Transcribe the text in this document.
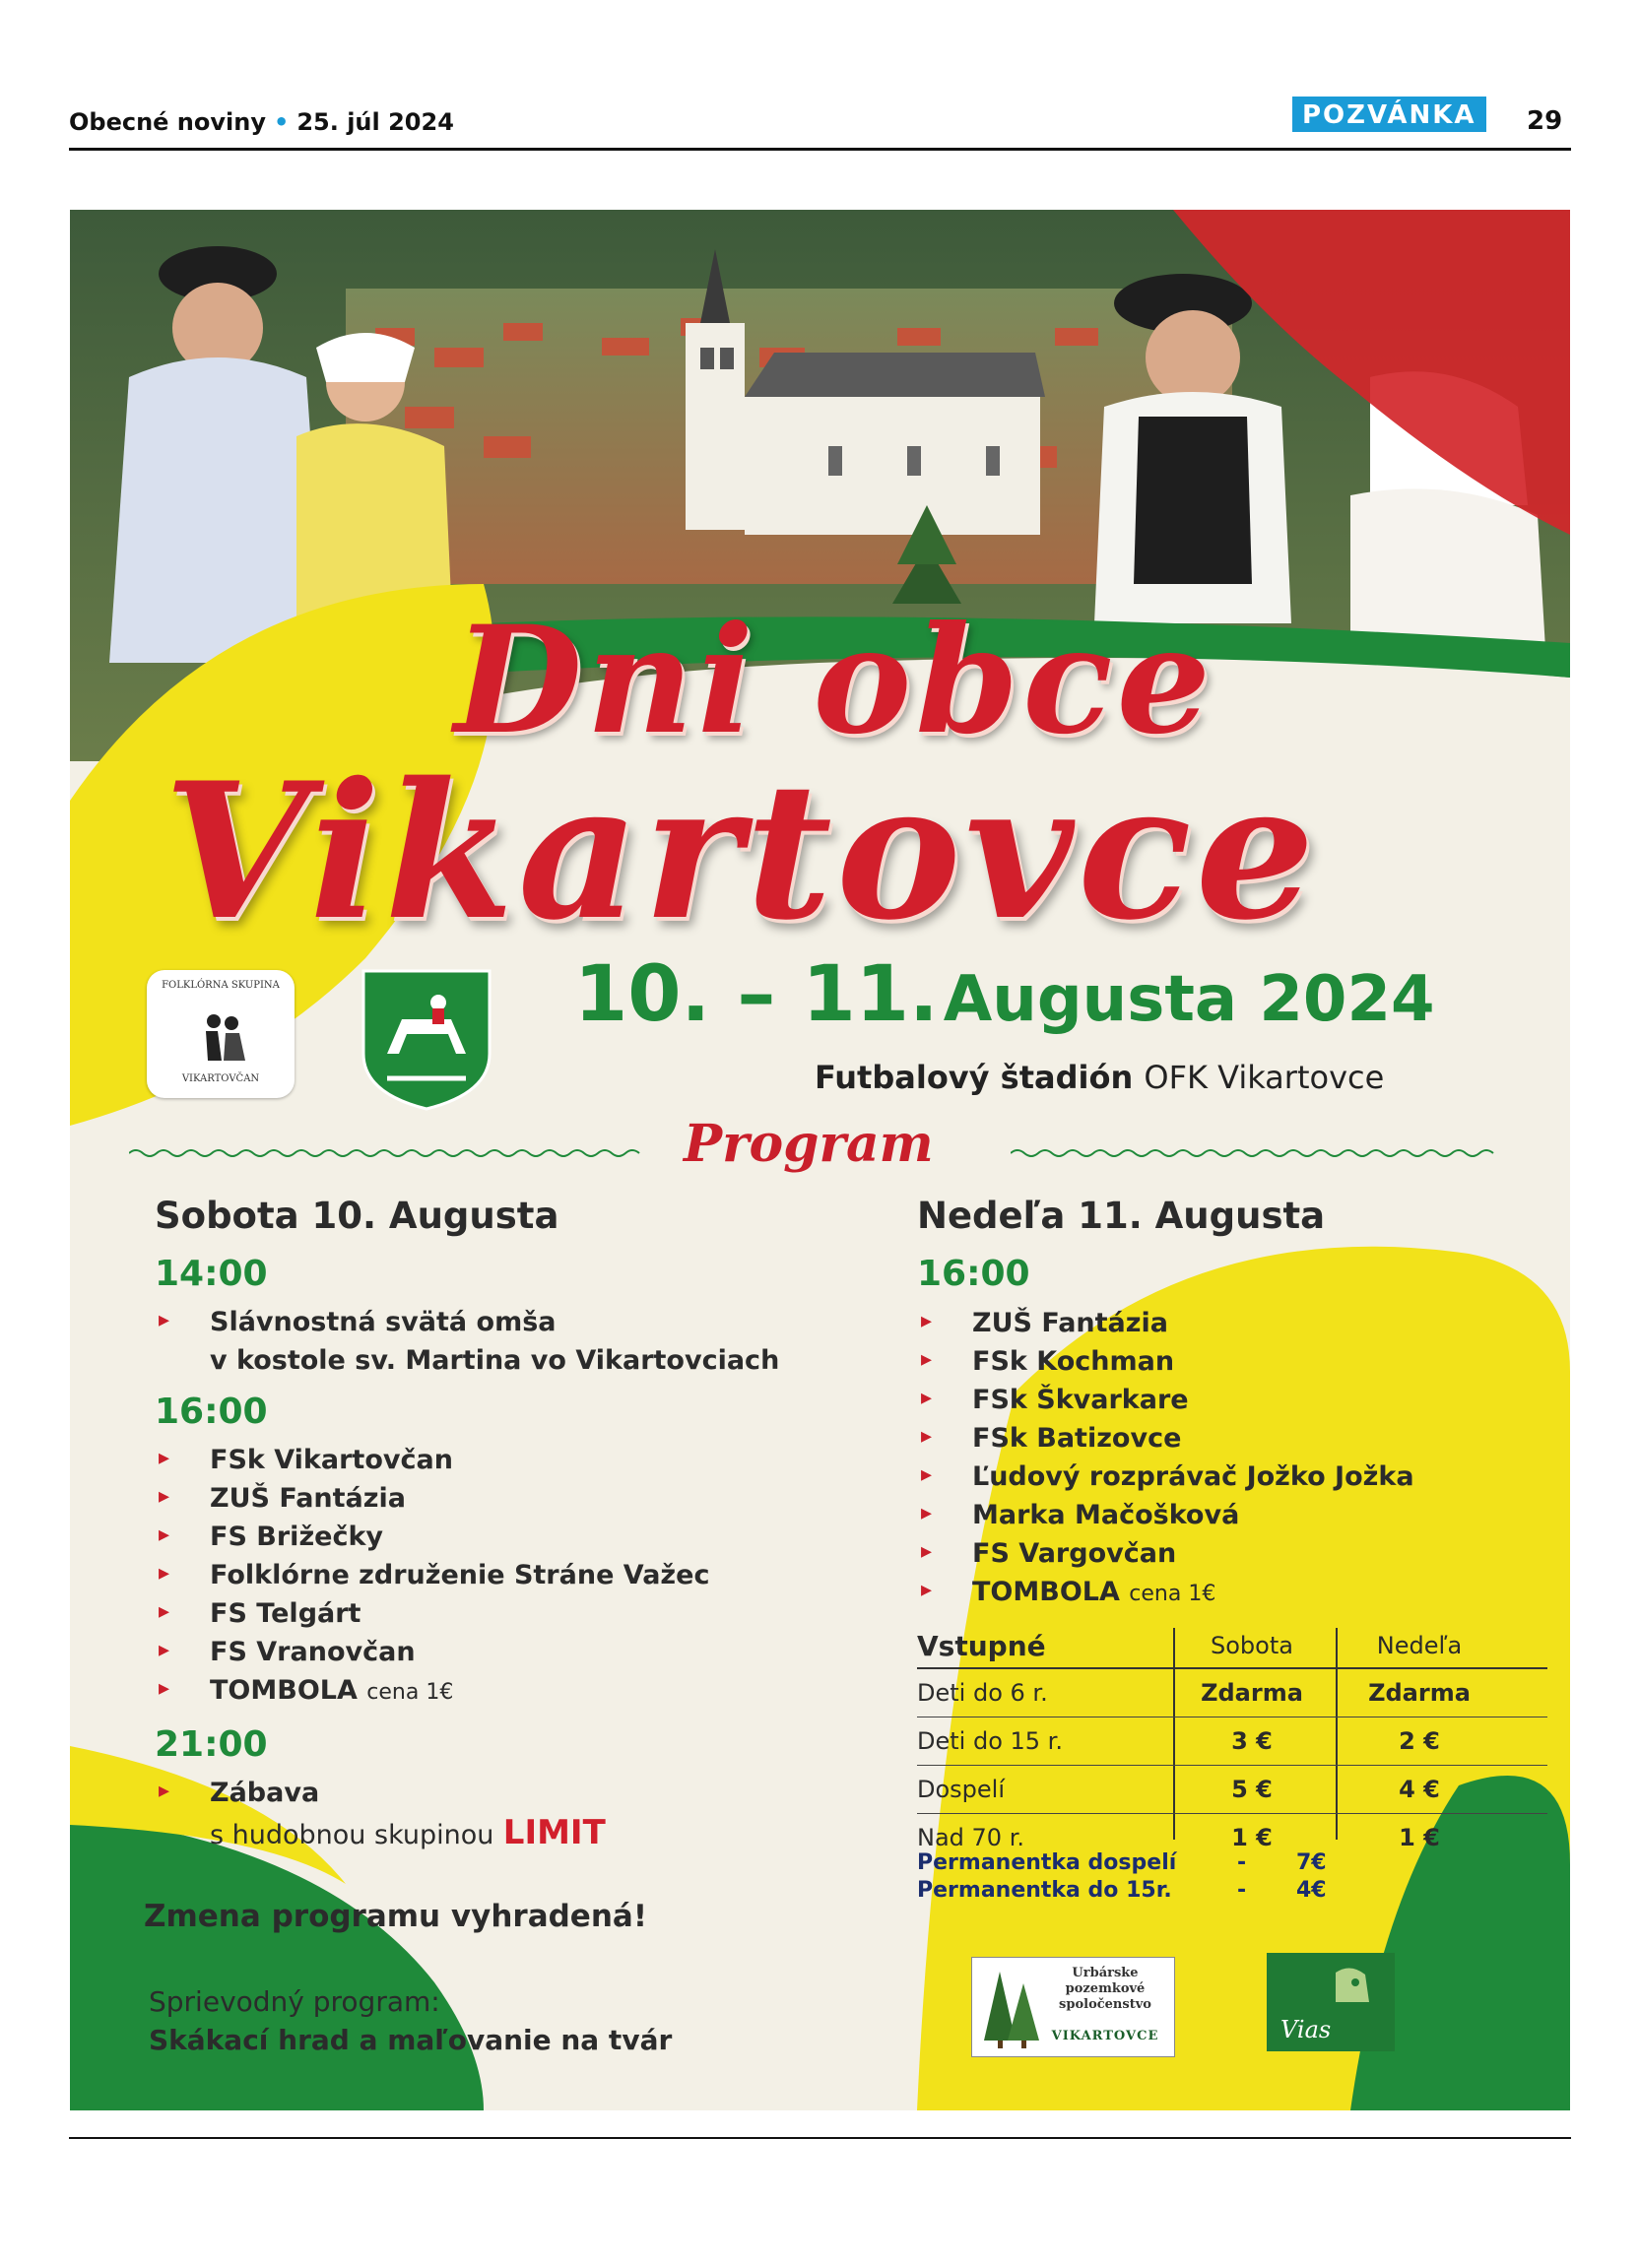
Obecné noviny • 25. júl 2024	POZVÁNKA	29
Dni obce
Vikartovce
FOLKLÓRNA SKUPINA
VIKARTOVČAN
10. – 11. Augusta 2024
Futbalový štadión OFK Vikartovce
Program
Sobota 10. Augusta
14:00
▸ Slávnostná svätá omša
v kostole sv. Martina vo Vikartovciach
16:00
▸ FSk Vikartovčan
▸ ZUŠ Fantázia
▸ FS Brižečky
▸ Folklórne združenie Stráne Važec
▸ FS Telgárt
▸ FS Vranovčan
▸ TOMBOLA cena 1€
21:00
▸ Zábava
s hudobnou skupinou LIMIT
Nedeľa 11. Augusta
16:00
▸ ZUŠ Fantázia
▸ FSk Kochman
▸ FSk Škvarkare
▸ FSk Batizovce
▸ Ľudový rozprávač Jožko Jožka
▸ Marka Mačošková
▸ FS Vargovčan
▸ TOMBOLA cena 1€
Vstupné	Sobota	Nedeľa
Deti do 6 r.	Zdarma	Zdarma
Deti do 15 r.	3 €	2 €
Dospelí	5 €	4 €
Nad 70 r.	1 €	1 €
Permanentka dospelí	- 7€
Permanentka do 15r.	- 4€
Zmena programu vyhradená!
Sprievodný program:
Skákací hrad a maľovanie na tvár
Urbárske
pozemkové
spoločenstvo
VIKARTOVCE	Vias
